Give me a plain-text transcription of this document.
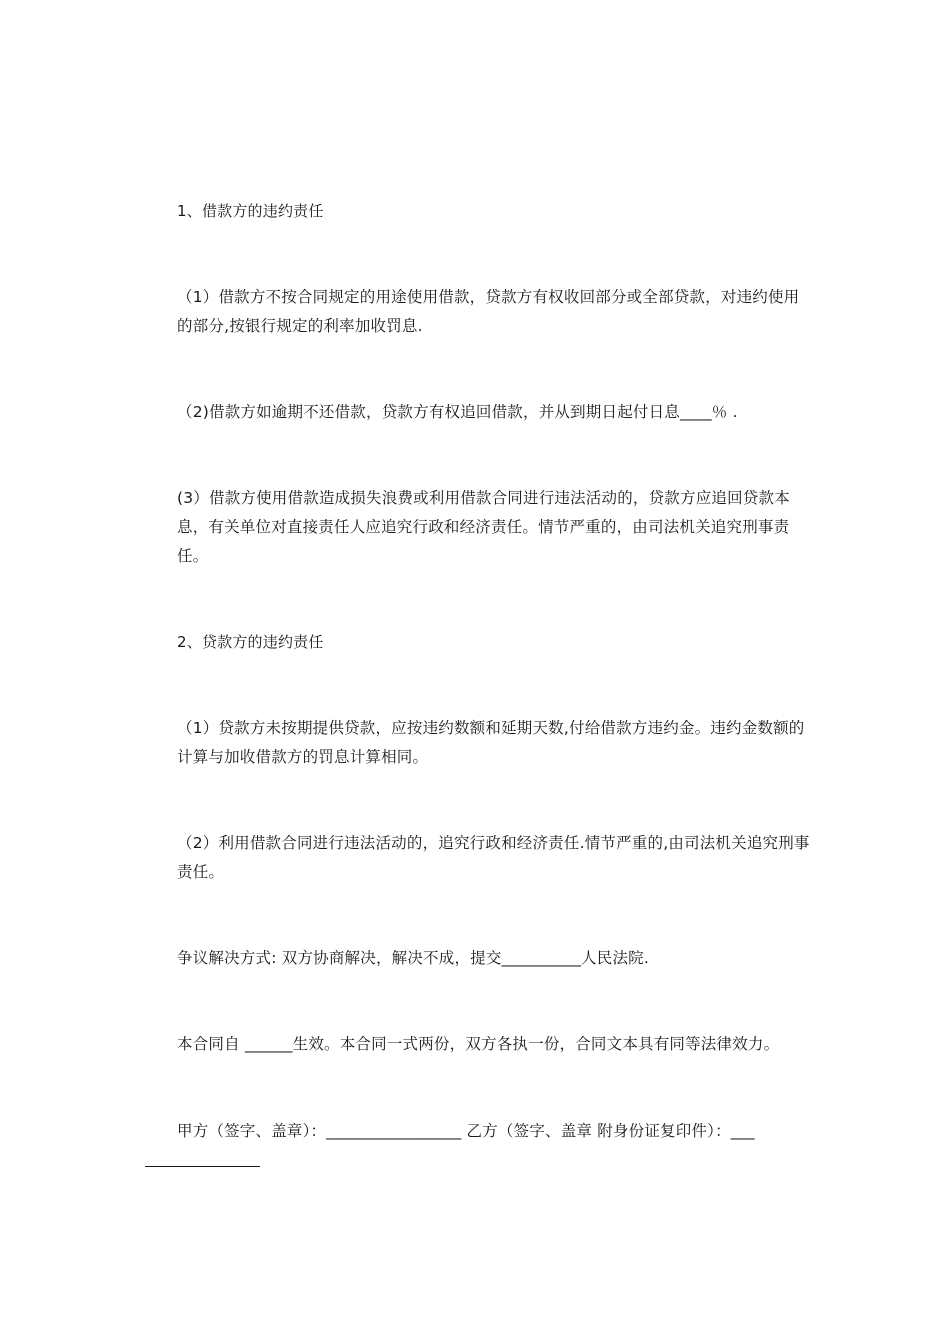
1、借款方的违约责任

（1）借款方不按合同规定的用途使用借款，贷款方有权收回部分或全部贷款，对违约使用的部分,按银行规定的利率加收罚息.

（2)借款方如逾期不还借款，贷款方有权追回借款，并从到期日起付日息____％ .

(3）借款方使用借款造成损失浪费或利用借款合同进行违法活动的，贷款方应追回贷款本息，有关单位对直接责任人应追究行政和经济责任。情节严重的，由司法机关追究刑事责任。

2、贷款方的违约责任

（1）贷款方未按期提供贷款，应按违约数额和延期天数,付给借款方违约金。违约金数额的计算与加收借款方的罚息计算相同。

（2）利用借款合同进行违法活动的，追究行政和经济责任.情节严重的,由司法机关追究刑事责任。

争议解决方式: 双方协商解决，解决不成，提交__________人民法院.

本合同自 ______生效。本合同一式两份，双方各执一份，合同文本具有同等法律效力。

甲方（签字、盖章）：_________________ 乙方（签字、盖章 附身份证复印件）：___
